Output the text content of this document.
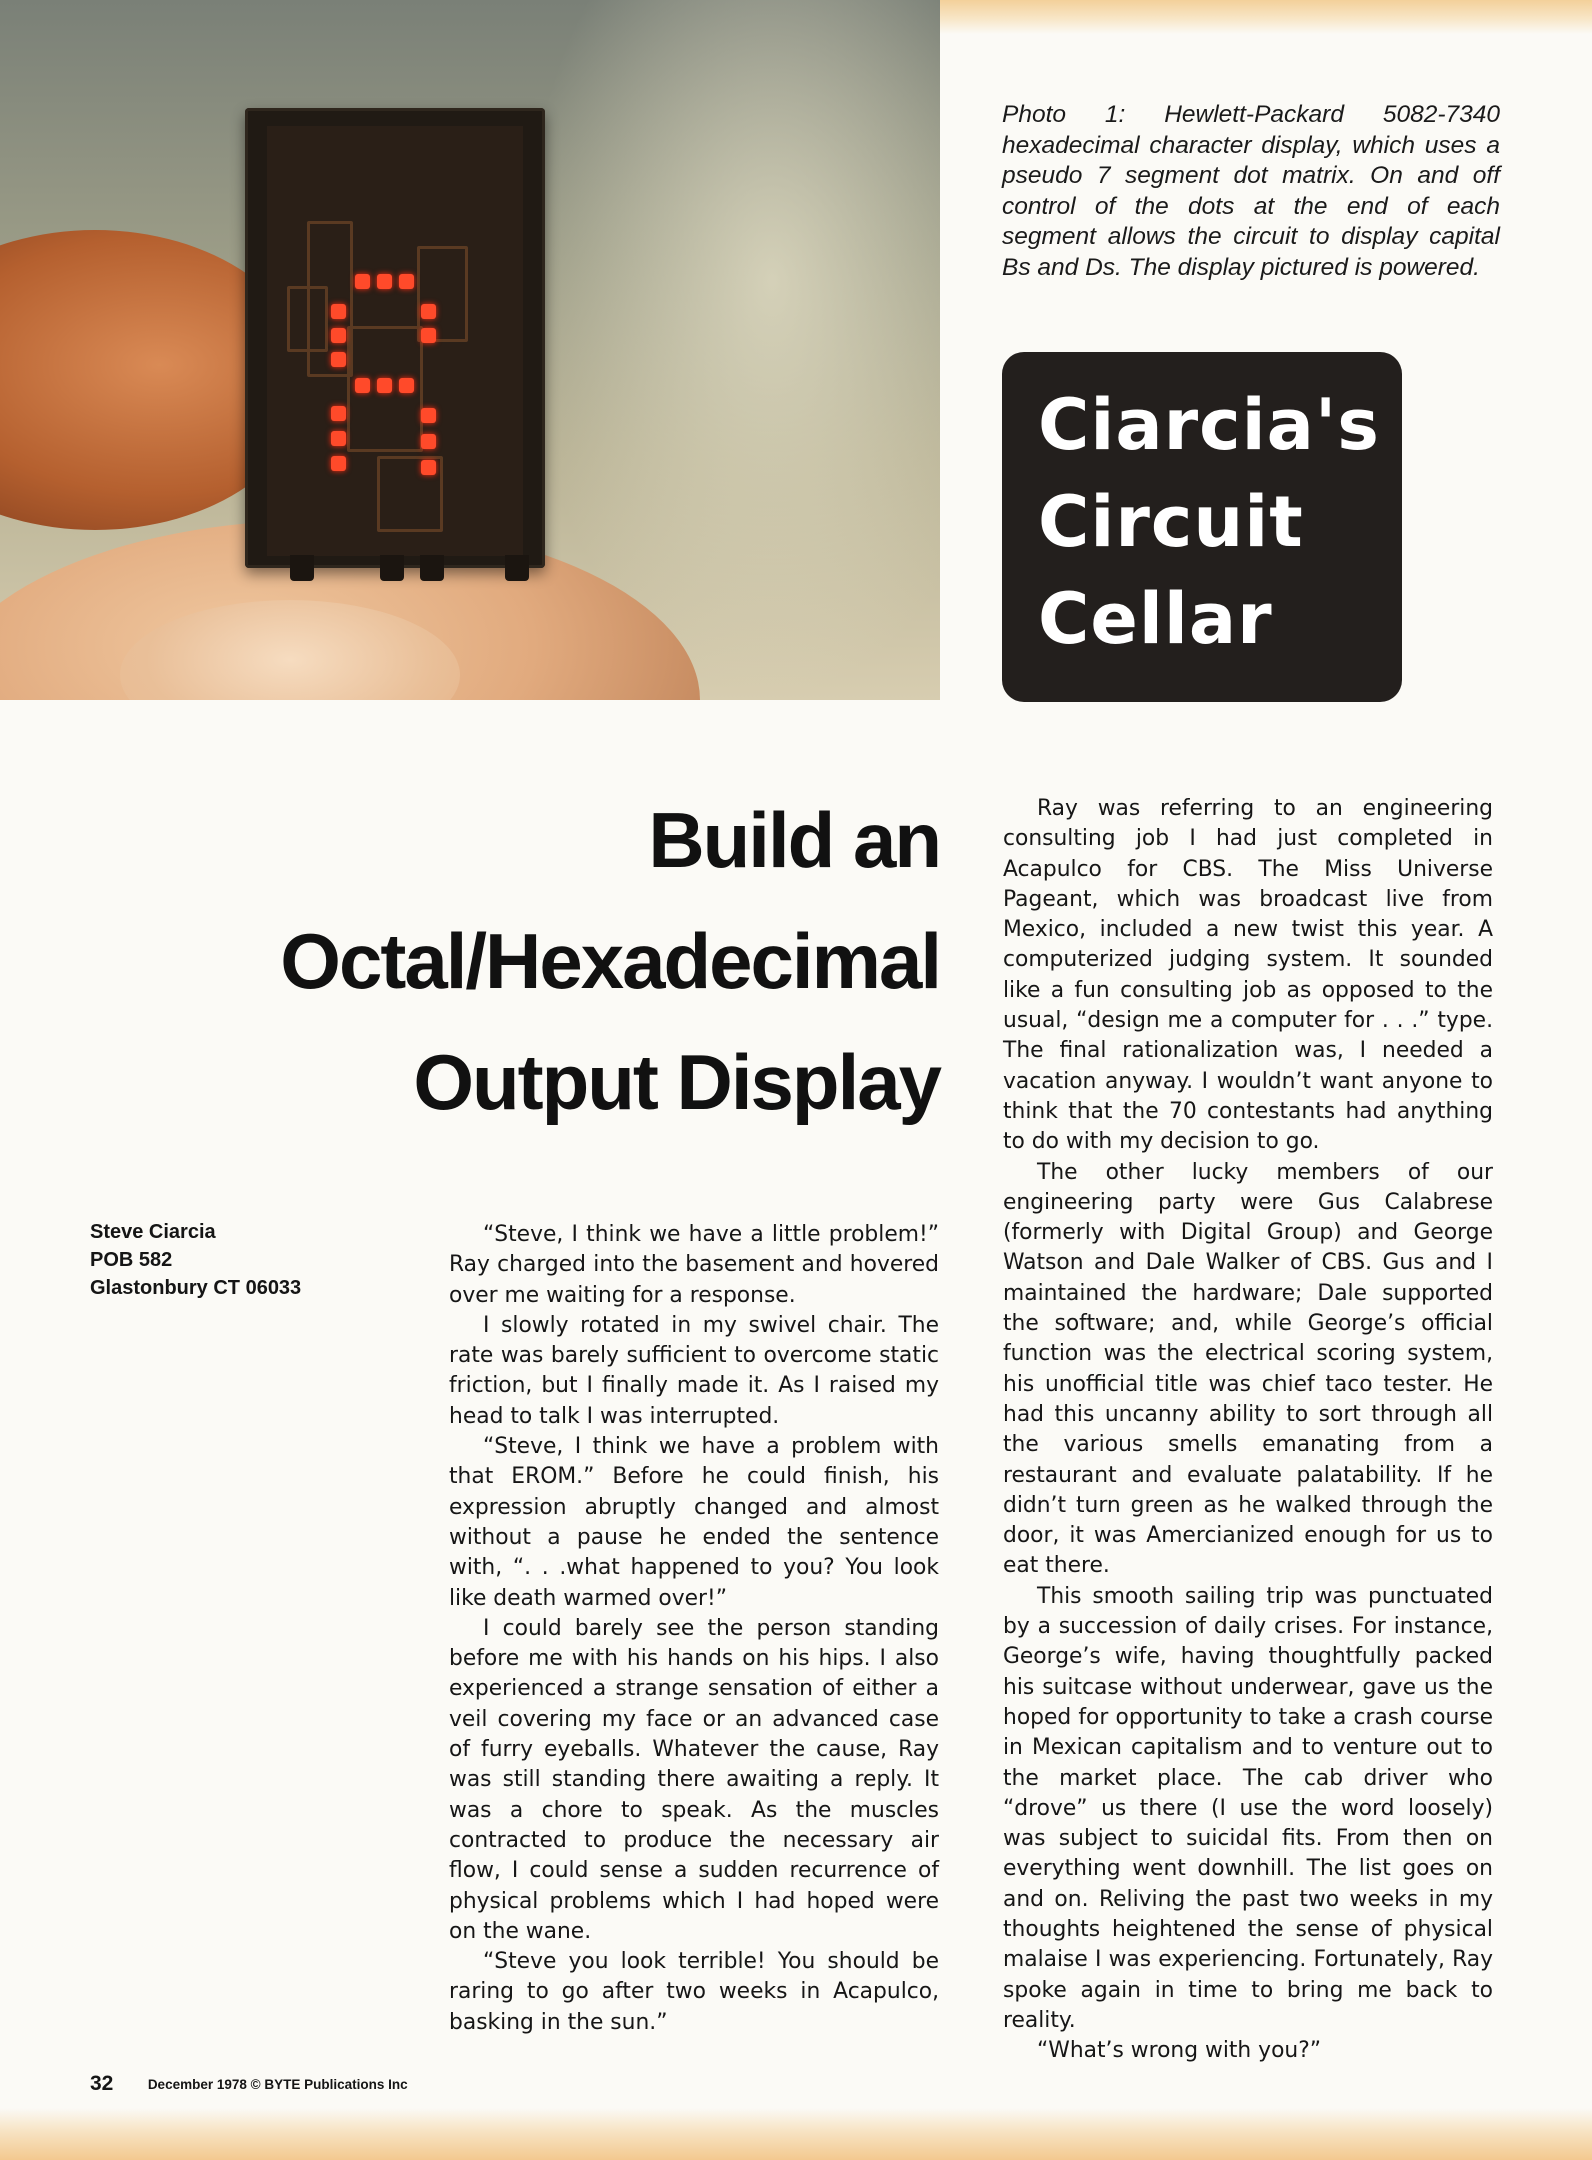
Photo 1: Hewlett-Packard 5082-7340 hexadecimal character display, which uses a pseudo 7 segment dot matrix. On and off control of the dots at the end of each segment allows the circuit to display capital Bs and Ds. The display pictured is powered.

Ciarcia's
Circuit
Cellar
Build an
Octal/Hexadecimal
Output Display
Steve Ciarcia
POB 582
Glastonbury CT 06033

“Steve, I think we have a little problem!” Ray charged into the basement and hovered over me waiting for a response.

I slowly rotated in my swivel chair. The rate was barely sufficient to overcome static friction, but I finally made it. As I raised my head to talk I was interrupted.

“Steve, I think we have a problem with that EROM.” Before he could finish, his expression abruptly changed and almost without a pause he ended the sentence with, “. . .what happened to you? You look like death warmed over!”

I could barely see the person standing before me with his hands on his hips. I also experienced a strange sensation of either a veil covering my face or an advanced case of furry eyeballs. Whatever the cause, Ray was still standing there awaiting a reply. It was a chore to speak. As the muscles contracted to produce the necessary air flow, I could sense a sudden recurrence of physical problems which I had hoped were on the wane.

“Steve you look terrible! You should be raring to go after two weeks in Acapulco, basking in the sun.”

Ray was referring to an engineering consulting job I had just completed in Acapulco for CBS. The Miss Universe Pageant, which was broadcast live from Mexico, included a new twist this year. A computerized judging system. It sounded like a fun consulting job as opposed to the usual, “design me a computer for . . .” type. The final rationalization was, I needed a vacation anyway. I wouldn’t want anyone to think that the 70 contestants had anything to do with my decision to go.

The other lucky members of our engineering party were Gus Calabrese (formerly with Digital Group) and George Watson and Dale Walker of CBS. Gus and I maintained the hardware; Dale supported the software; and, while George’s official function was the electrical scoring system, his unofficial title was chief taco tester. He had this uncanny ability to sort through all the various smells emanating from a restaurant and evaluate palatability. If he didn’t turn green as he walked through the door, it was Amercianized enough for us to eat there.

This smooth sailing trip was punctuated by a succession of daily crises. For instance, George’s wife, having thoughtfully packed his suitcase without underwear, gave us the hoped for opportunity to take a crash course in Mexican capitalism and to venture out to the market place. The cab driver who “drove” us there (I use the word loosely) was subject to suicidal fits. From then on everything went downhill. The list goes on and on. Reliving the past two weeks in my thoughts heightened the sense of physical malaise I was experiencing. Fortunately, Ray spoke again in time to bring me back to reality.

“What’s wrong with you?”

32	December 1978 © BYTE Publications Inc
